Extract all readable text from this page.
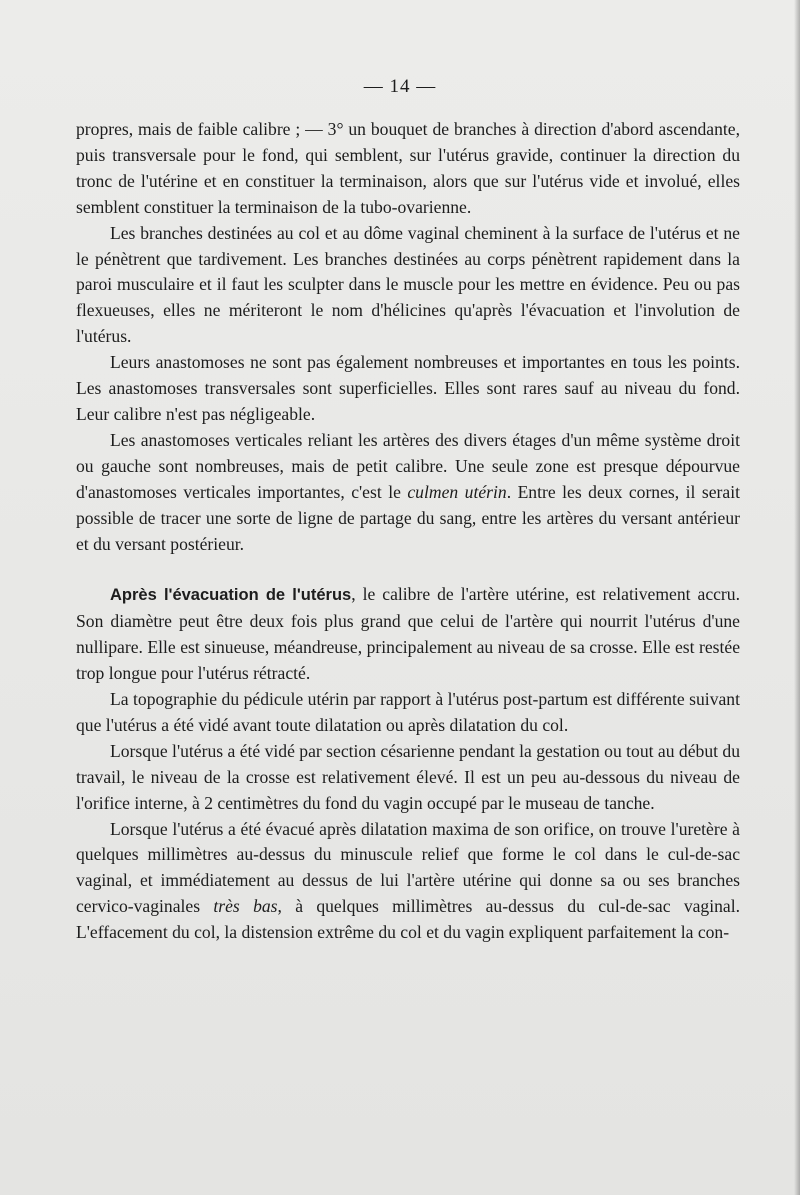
— 14 —

propres, mais de faible calibre ; — 3° un bouquet de branches à direction d'abord ascendante, puis transversale pour le fond, qui semblent, sur l'utérus gravide, continuer la direction du tronc de l'utérine et en constituer la terminaison, alors que sur l'utérus vide et involué, elles semblent constituer la terminaison de la tubo-ovarienne.

Les branches destinées au col et au dôme vaginal cheminent à la surface de l'utérus et ne le pénètrent que tardivement. Les branches destinées au corps pénètrent rapidement dans la paroi musculaire et il faut les sculpter dans le muscle pour les mettre en évidence. Peu ou pas flexueuses, elles ne mériteront le nom d'hélicines qu'après l'évacuation et l'involution de l'utérus.

Leurs anastomoses ne sont pas également nombreuses et importantes en tous les points. Les anastomoses transversales sont superficielles. Elles sont rares sauf au niveau du fond. Leur calibre n'est pas négligeable.

Les anastomoses verticales reliant les artères des divers étages d'un même système droit ou gauche sont nombreuses, mais de petit calibre. Une seule zone est presque dépourvue d'anastomoses verticales importantes, c'est le culmen utérin. Entre les deux cornes, il serait possible de tracer une sorte de ligne de partage du sang, entre les artères du versant antérieur et du versant postérieur.

Après l'évacuation de l'utérus, le calibre de l'artère utérine, est relativement accru. Son diamètre peut être deux fois plus grand que celui de l'artère qui nourrit l'utérus d'une nullipare. Elle est sinueuse, méandreuse, principalement au niveau de sa crosse. Elle est restée trop longue pour l'utérus rétracté.

La topographie du pédicule utérin par rapport à l'utérus post-partum est différente suivant que l'utérus a été vidé avant toute dilatation ou après dilatation du col.

Lorsque l'utérus a été vidé par section césarienne pendant la gestation ou tout au début du travail, le niveau de la crosse est relativement élevé. Il est un peu au-dessous du niveau de l'orifice interne, à 2 centimètres du fond du vagin occupé par le museau de tanche.

Lorsque l'utérus a été évacué après dilatation maxima de son orifice, on trouve l'uretère à quelques millimètres au-dessus du minuscule relief que forme le col dans le cul-de-sac vaginal, et immédiatement au dessus de lui l'artère utérine qui donne sa ou ses branches cervico-vaginales très bas, à quelques millimètres au-dessus du cul-de-sac vaginal. L'effacement du col, la distension extrême du col et du vagin expliquent parfaitement la con-
